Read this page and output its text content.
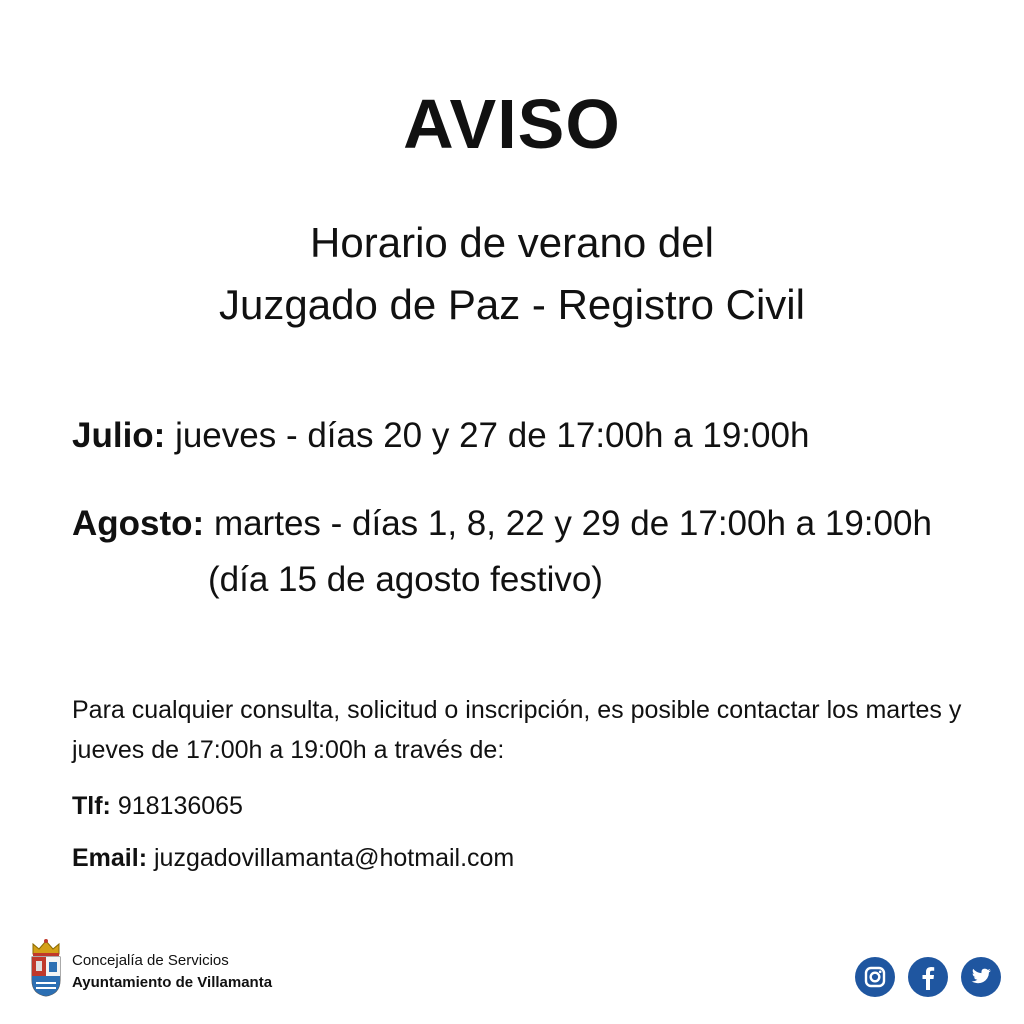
AVISO
Horario de verano del
Juzgado de Paz - Registro Civil
Julio: jueves - días 20 y 27 de 17:00h a 19:00h
Agosto: martes - días 1, 8, 22 y 29 de 17:00h a 19:00h
(día 15 de agosto festivo)
Para cualquier consulta, solicitud o inscripción, es posible contactar los martes y jueves de 17:00h a 19:00h a través de:
Tlf: 918136065
Email: juzgadovillamanta@hotmail.com
Concejalía de Servicios
Ayuntamiento de Villamanta
